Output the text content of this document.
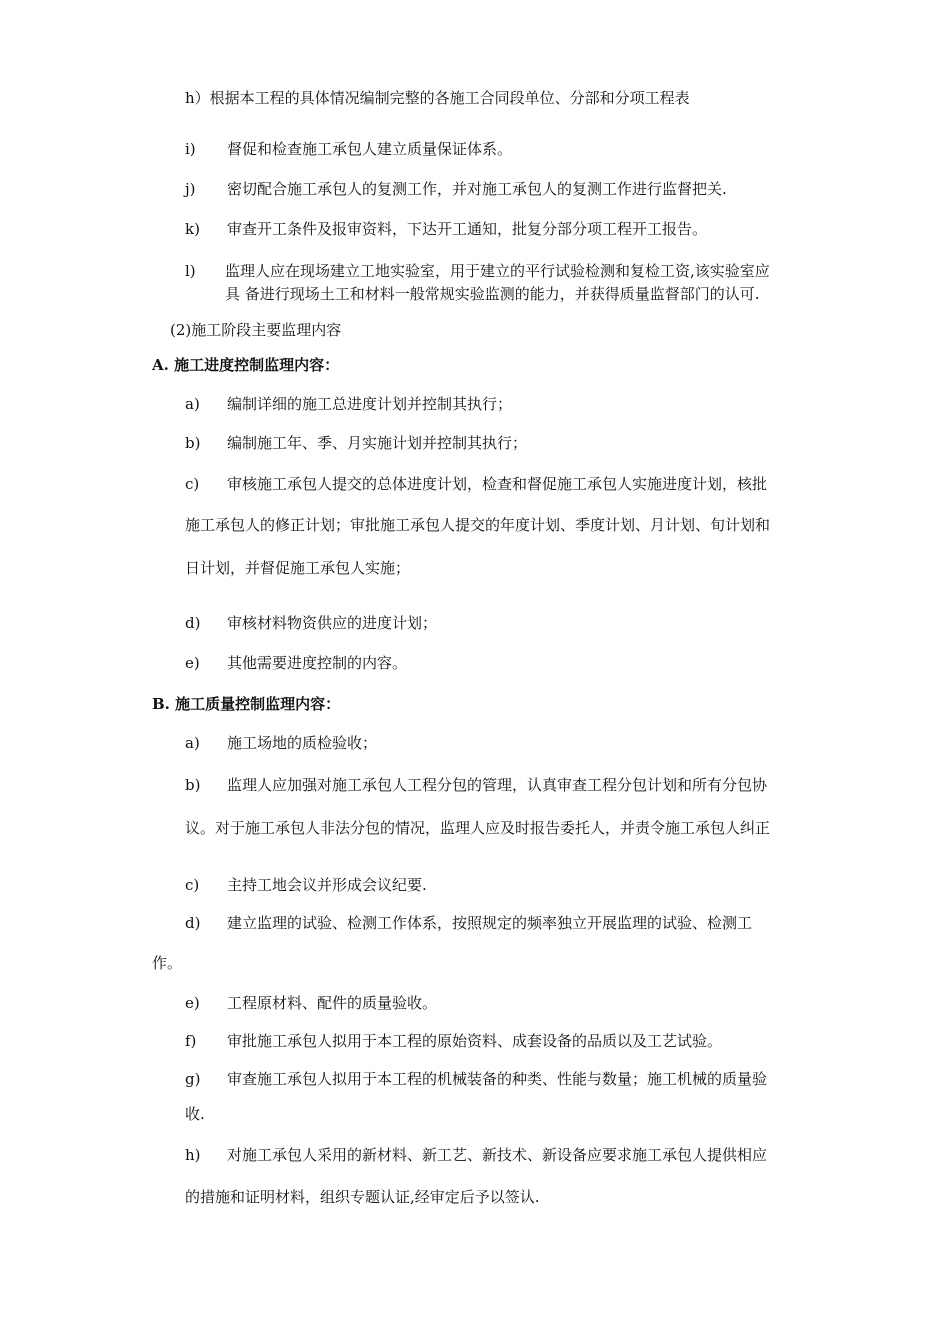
h）根据本工程的具体情况编制完整的各施工合同段单位、分部和分项工程表
i) 督促和检查施工承包人建立质量保证体系。
j) 密切配合施工承包人的复测工作，并对施工承包人的复测工作进行监督把关.
k) 审查开工条件及报审资料，下达开工通知，批复分部分项工程开工报告。
l) 监理人应在现场建立工地实验室，用于建立的平行试验检测和复检工资,该实验室应
具 备进行现场土工和材料一般常规实验监测的能力，并获得质量监督部门的认可.
(2)施工阶段主要监理内容
A. 施工进度控制监理内容：
a) 编制详细的施工总进度计划并控制其执行；
b) 编制施工年、季、月实施计划并控制其执行；
c) 审核施工承包人提交的总体进度计划，检查和督促施工承包人实施进度计划，核批
施工承包人的修正计划；审批施工承包人提交的年度计划、季度计划、月计划、旬计划和
日计划，并督促施工承包人实施；
d) 审核材料物资供应的进度计划；
e) 其他需要进度控制的内容。
B. 施工质量控制监理内容：
a) 施工场地的质检验收；
b) 监理人应加强对施工承包人工程分包的管理，认真审查工程分包计划和所有分包协
议。对于施工承包人非法分包的情况，监理人应及时报告委托人，并责令施工承包人纠正
c) 主持工地会议并形成会议纪要.
d) 建立监理的试验、检测工作体系，按照规定的频率独立开展监理的试验、检测工
作。
e) 工程原材料、配件的质量验收。
f) 审批施工承包人拟用于本工程的原始资料、成套设备的品质以及工艺试验。
g) 审查施工承包人拟用于本工程的机械装备的种类、性能与数量；施工机械的质量验
收.
h) 对施工承包人采用的新材料、新工艺、新技术、新设备应要求施工承包人提供相应
的措施和证明材料，组织专题认证,经审定后予以签认.
